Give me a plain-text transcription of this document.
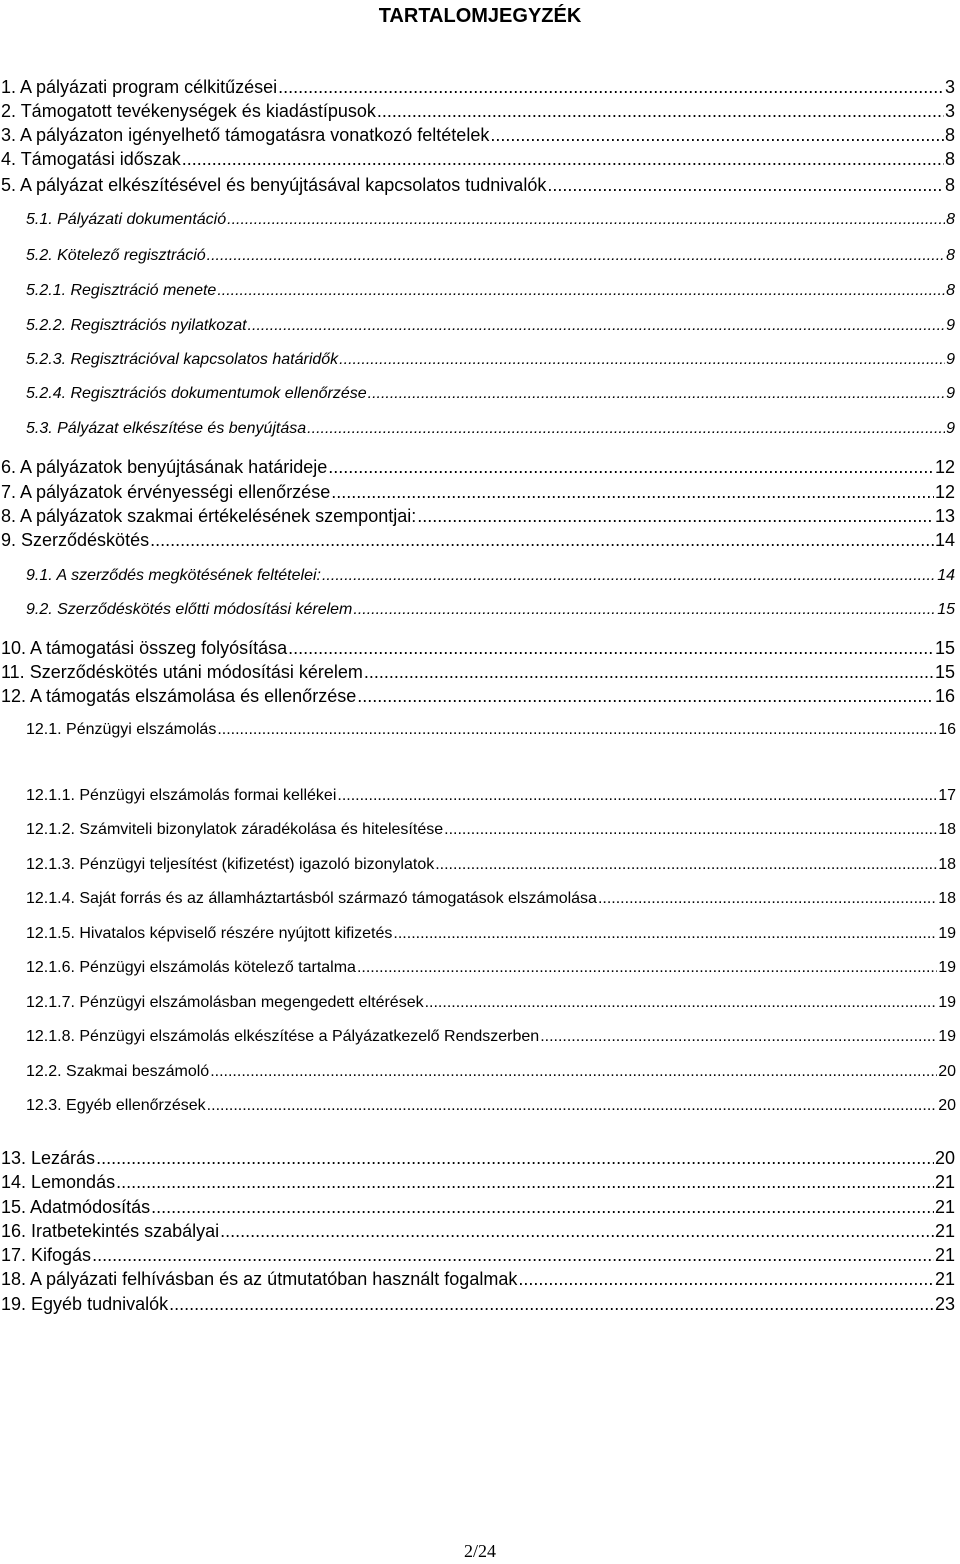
TARTALOMJEGYZÉK
1. A pályázati program célkitűzései .....	3
2. Támogatott tevékenységek és kiadástípusok .....	3
3. A pályázaton igényelhető támogatásra vonatkozó feltételek .....	8
4. Támogatási időszak .....	8
5. A pályázat elkészítésével és benyújtásával kapcsolatos tudnivalók .....	8
5.1. Pályázati dokumentáció .....	8
5.2. Kötelező regisztráció .....	8
5.2.1. Regisztráció menete .....	8
5.2.2. Regisztrációs nyilatkozat .....	9
5.2.3. Regisztrációval kapcsolatos határidők .....	9
5.2.4. Regisztrációs dokumentumok ellenőrzése .....	9
5.3. Pályázat elkészítése és benyújtása .....	9
6. A pályázatok benyújtásának határideje .....	12
7. A pályázatok érvényességi ellenőrzése .....	12
8. A pályázatok szakmai értékelésének szempontjai: .....	13
9. Szerződéskötés .....	14
9.1. A szerződés megkötésének feltételei: .....	14
9.2. Szerződéskötés előtti módosítási kérelem .....	15
10. A támogatási összeg folyósítása .....	15
11. Szerződéskötés utáni módosítási kérelem .....	15
12. A támogatás elszámolása és ellenőrzése .....	16
12.1. Pénzügyi elszámolás .....	16
12.1.1. Pénzügyi elszámolás formai kellékei .....	17
12.1.2. Számviteli bizonylatok záradékolása és hitelesítése .....	18
12.1.3. Pénzügyi teljesítést (kifizetést) igazoló bizonylatok .....	18
12.1.4. Saját forrás és az államháztartásból származó támogatások elszámolása .....	18
12.1.5. Hivatalos képviselő részére nyújtott kifizetés .....	19
12.1.6. Pénzügyi elszámolás kötelező tartalma .....	19
12.1.7. Pénzügyi elszámolásban megengedett eltérések .....	19
12.1.8. Pénzügyi elszámolás elkészítése a Pályázatkezelő Rendszerben .....	19
12.2. Szakmai beszámoló .....	20
12.3. Egyéb ellenőrzések .....	20
13. Lezárás .....	20
14. Lemondás .....	21
15. Adatmódosítás .....	21
16. Iratbetekintés szabályai .....	21
17. Kifogás .....	21
18. A pályázati felhívásban és az útmutatóban használt fogalmak .....	21
19. Egyéb tudnivalók .....	23
2/24
